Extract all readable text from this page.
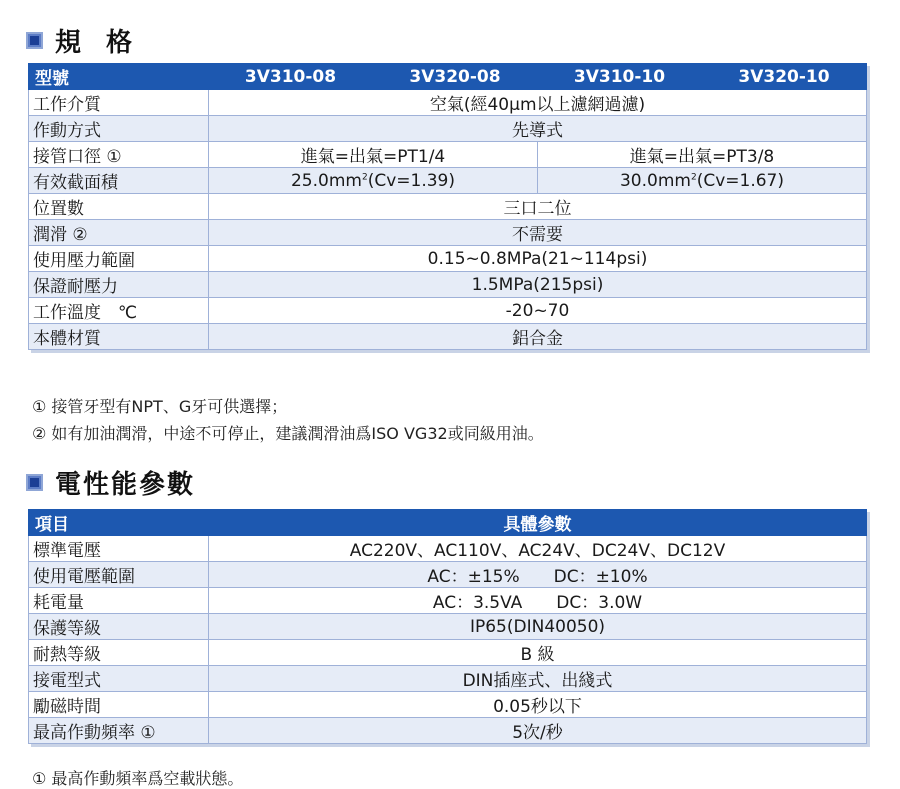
規 格
型號	3V310-08	3V320-08	3V310-10	3V320-10
工作介質	空氣(經40μm以上濾網過濾)			
作動方式	先導式			
接管口徑 ①	進氣=出氣=PT1/4		進氣=出氣=PT3/8	
有效截面積	$25.0mm^2(Cv=1.39)$		$30.0mm^2(Cv=1.67)$	
位置數	三口二位			
潤滑 ②	不需要			
使用壓力範圍	0.15~0.8MPa(21~114psi)			
保證耐壓力	1.5MPa(215psi)			
工作溫度　℃	-20~70			
本體材質	鋁合金			
① 接管牙型有NPT、G牙可供選擇；
② 如有加油潤滑，中途不可停止，建議潤滑油爲ISO VG32或同級用油。
電性能參數
項目	具體參數
標準電壓	AC220V、AC110V、AC24V、DC24V、DC12V
使用電壓範圍	AC：±15%　　DC：±10%
耗電量	AC：3.5VA　　DC：3.0W
保護等級	IP65(DIN40050)
耐熱等級	B 級
接電型式	DIN插座式、出綫式
勵磁時間	0.05秒以下
最高作動頻率 ①	5次/秒
① 最高作動頻率爲空載狀態。
